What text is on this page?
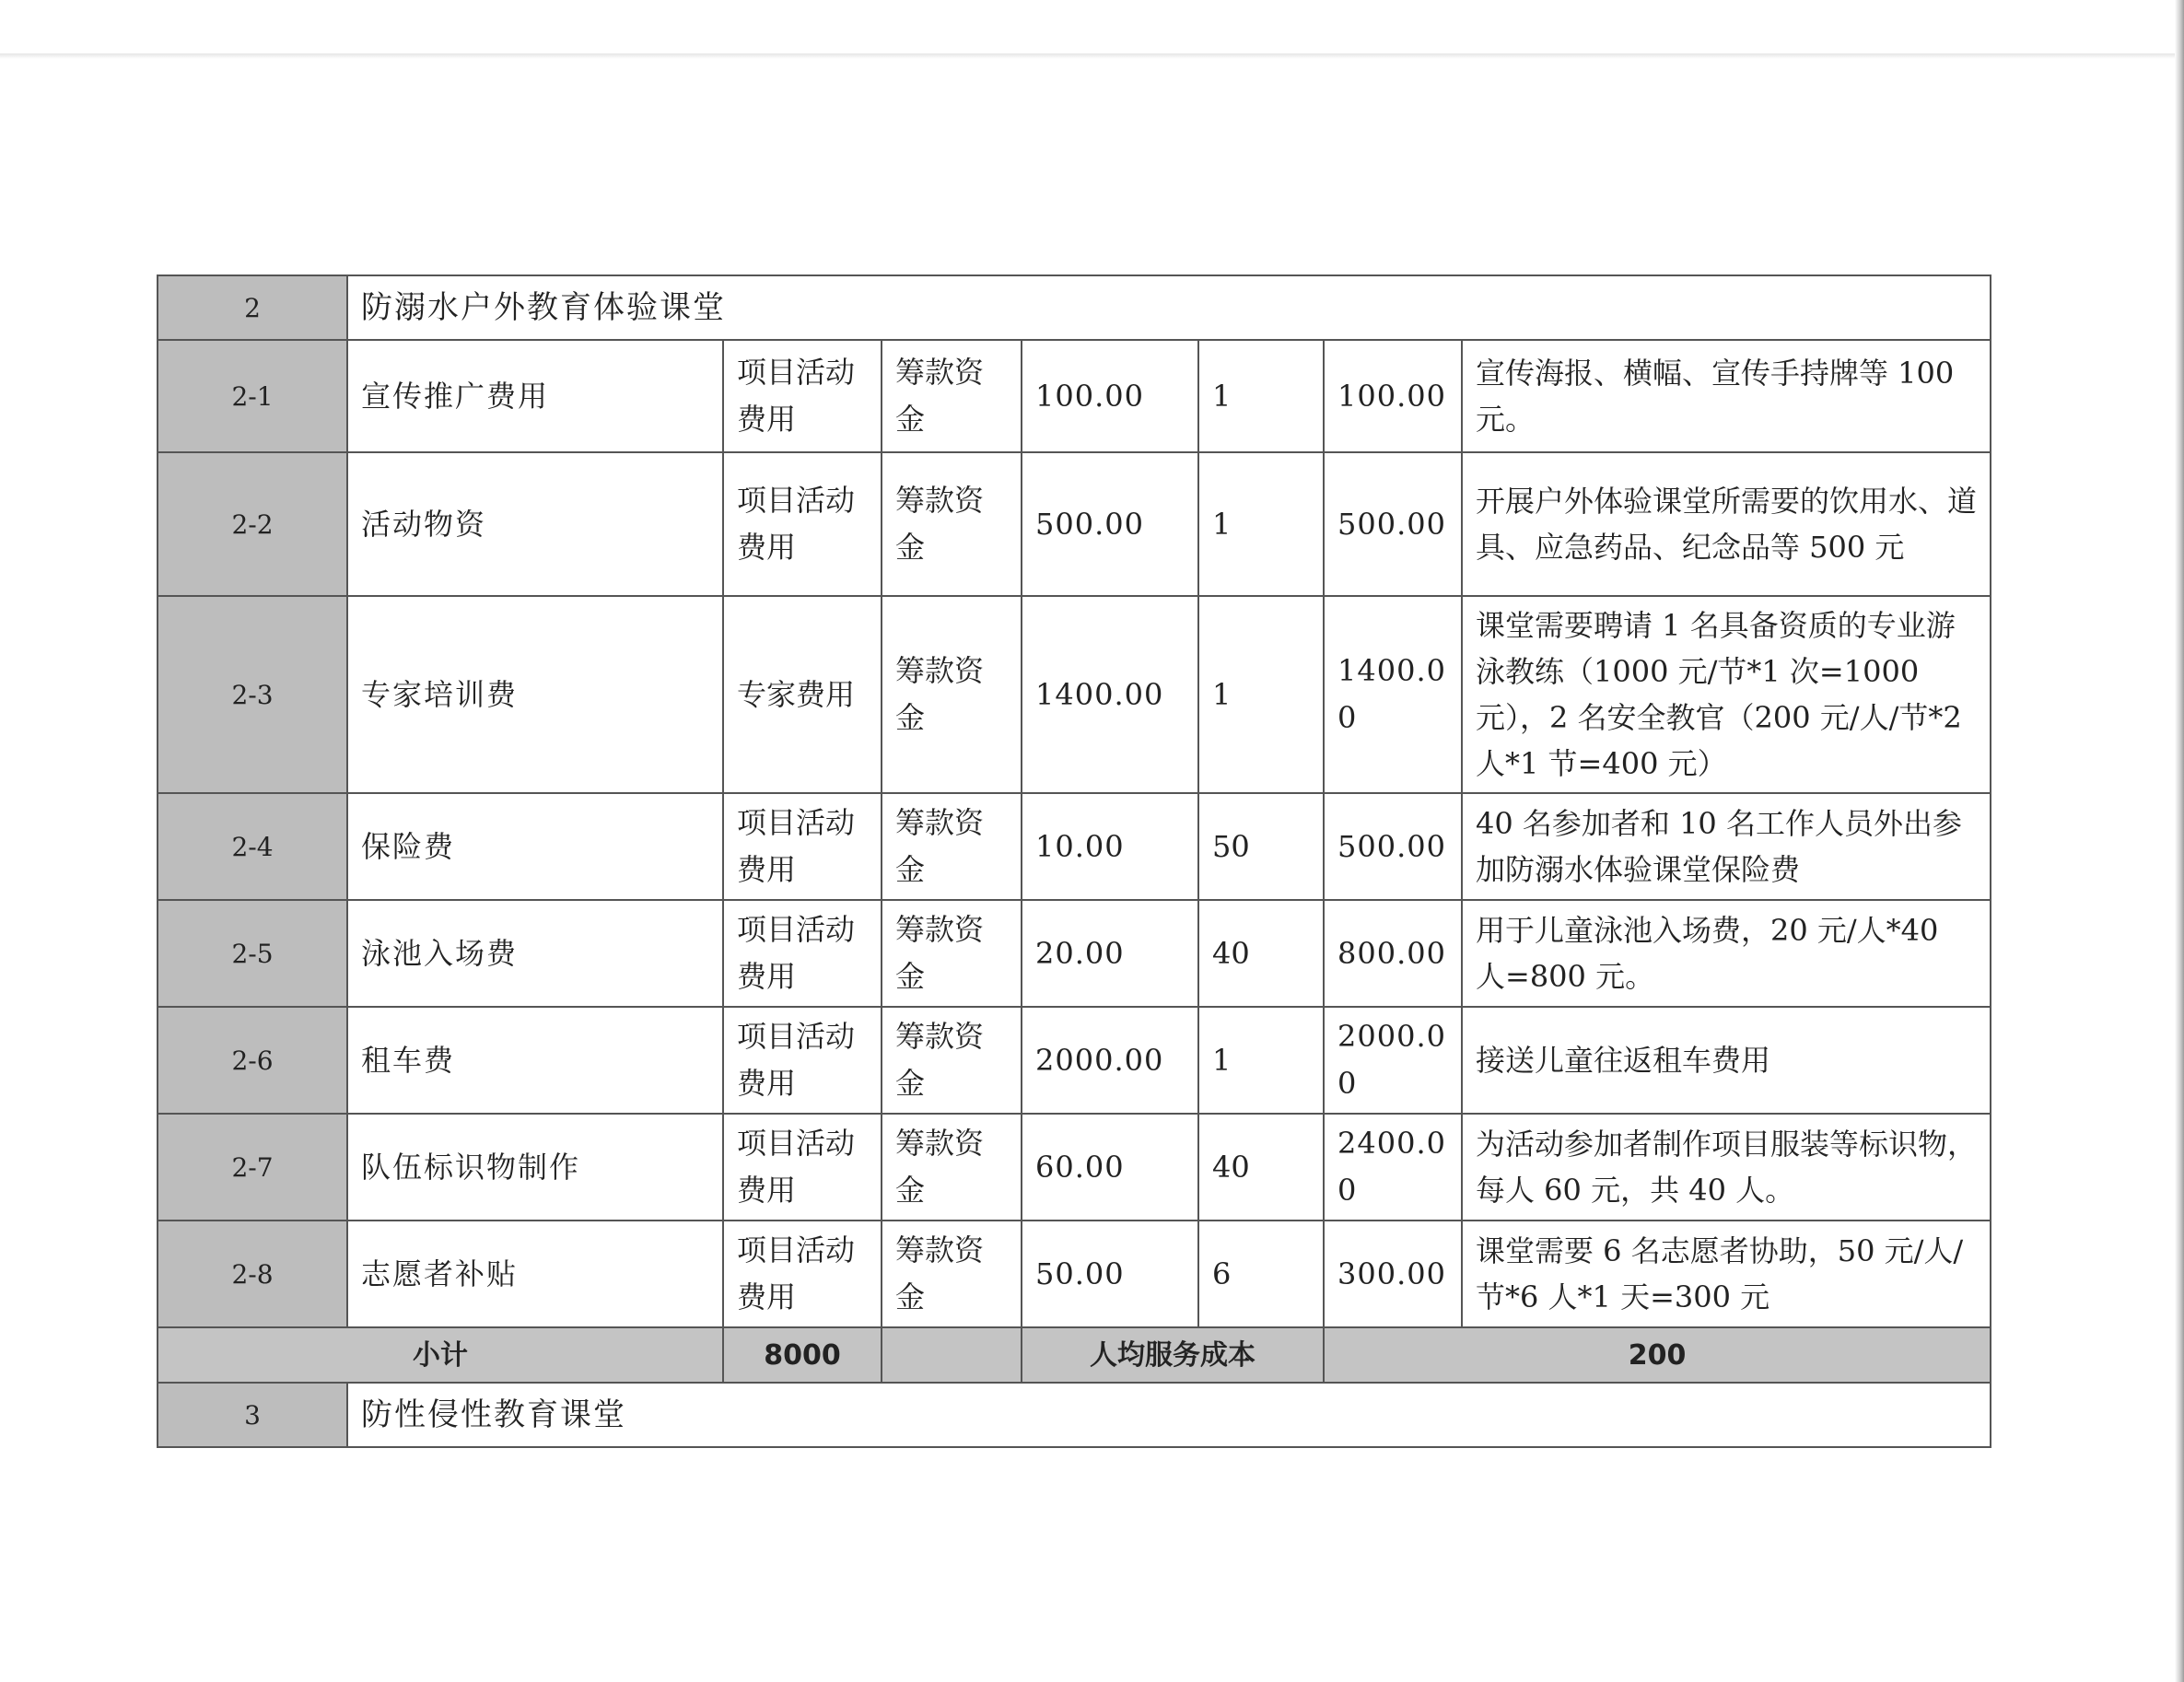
2	防溺水户外教育体验课堂						
2-1	宣传推广费用	项目活动费用	筹款资金	100.00	1	100.00	宣传海报、横幅、宣传手持牌等 100 元。
2-2	活动物资	项目活动费用	筹款资金	500.00	1	500.00	开展户外体验课堂所需要的饮用水、道具、应急药品、纪念品等 500 元
2-3	专家培训费	专家费用	筹款资金	1400.00	1	1400.00	课堂需要聘请 1 名具备资质的专业游泳教练（1000 元/节*1 次=1000 元），2 名安全教官（200 元/人/节*2 人*1 节=400 元）
2-4	保险费	项目活动费用	筹款资金	10.00	50	500.00	40 名参加者和 10 名工作人员外出参加防溺水体验课堂保险费
2-5	泳池入场费	项目活动费用	筹款资金	20.00	40	800.00	用于儿童泳池入场费，20 元/人*40 人=800 元。
2-6	租车费	项目活动费用	筹款资金	2000.00	1	2000.00	接送儿童往返租车费用
2-7	队伍标识物制作	项目活动费用	筹款资金	60.00	40	2400.00	为活动参加者制作项目服装等标识物，每人 60 元，共 40 人。
2-8	志愿者补贴	项目活动费用	筹款资金	50.00	6	300.00	课堂需要 6 名志愿者协助，50 元/人/节*6 人*1 天=300 元
小计		8000		人均服务成本		200	
3	防性侵性教育课堂						
